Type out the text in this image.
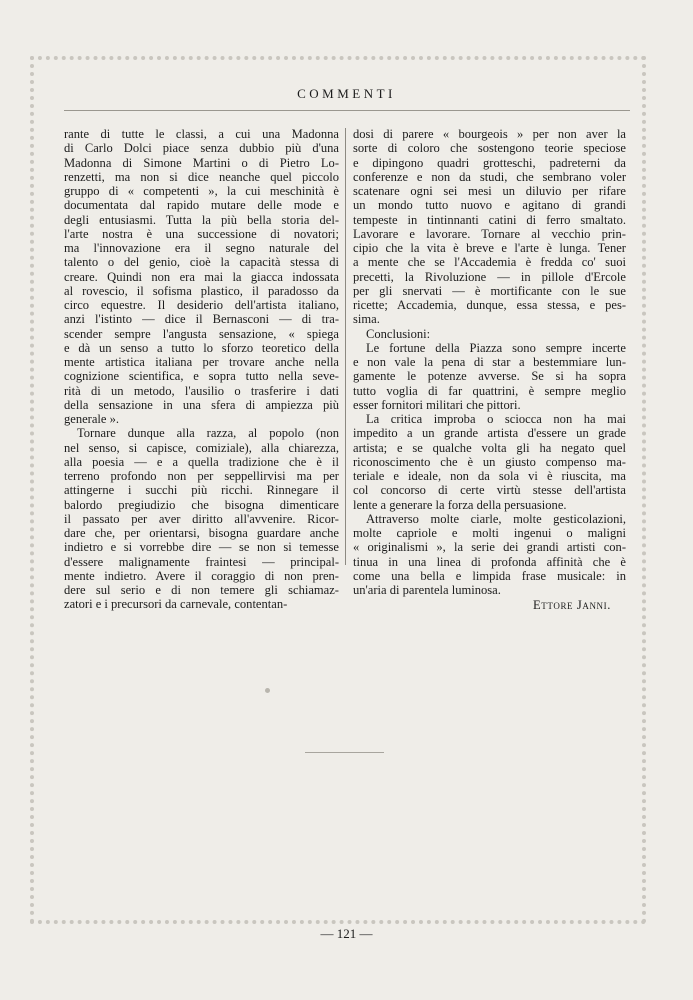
COMMENTI

rante di tutte le classi, a cui una Madonna
di Carlo Dolci piace senza dubbio più d'una
Madonna di Simone Martini o di Pietro Lo-
renzetti, ma non si dice neanche quel piccolo
gruppo di « competenti », la cui meschinità è
documentata dal rapido mutare delle mode e
degli entusiasmi. Tutta la più bella storia del-
l'arte nostra è una successione di novatori;
ma l'innovazione era il segno naturale del
talento o del genio, cioè la capacità stessa di
creare. Quindi non era mai la giacca indossata
al rovescio, il sofisma plastico, il paradosso da
circo equestre. Il desiderio dell'artista italiano,
anzi l'istinto — dice il Bernasconi — di tra-
scender sempre l'angusta sensazione, « spiega
e dà un senso a tutto lo sforzo teoretico della
mente artistica italiana per trovare anche nella
cognizione scientifica, e sopra tutto nella seve-
rità di un metodo, l'ausilio o trasferire i dati
della sensazione in una sfera di ampiezza più
generale ».

Tornare dunque alla razza, al popolo (non
nel senso, si capisce, comiziale), alla chiarezza,
alla poesia — e a quella tradizione che è il
terreno profondo non per seppellirvisi ma per
attingerne i succhi più ricchi. Rinnegare il
balordo pregiudizio che bisogna dimenticare
il passato per aver diritto all'avvenire. Ricor-
dare che, per orientarsi, bisogna guardare anche
indietro e si vorrebbe dire — se non si temesse
d'essere malignamente fraintesi — principal-
mente indietro. Avere il coraggio di non pren-
dere sul serio e di non temere gli schiamaz-
zatori e i precursori da carnevale, contentan-

dosi di parere « bourgeois » per non aver la
sorte di coloro che sostengono teorie speciose
e dipingono quadri grotteschi, padreterni da
conferenze e non da studi, che sembrano voler
scatenare ogni sei mesi un diluvio per rifare
un mondo tutto nuovo e agitano di grandi
tempeste in tintinnanti catini di ferro smaltato.
Lavorare e lavorare. Tornare al vecchio prin-
cipio che la vita è breve e l'arte è lunga. Tener
a mente che se l'Accademia è fredda co' suoi
precetti, la Rivoluzione — in pillole d'Ercole
per gli snervati — è mortificante con le sue
ricette; Accademia, dunque, essa stessa, e pes-
sima.

Conclusioni:

Le fortune della Piazza sono sempre incerte
e non vale la pena di star a bestemmiare lun-
gamente le potenze avverse. Se si ha sopra
tutto voglia di far quattrini, è sempre meglio
esser fornitori militari che pittori.

La critica improba o sciocca non ha mai
impedito a un grande artista d'essere un grade
artista; e se qualche volta gli ha negato quel
riconoscimento che è un giusto compenso ma-
teriale e ideale, non da sola vi è riuscita, ma
col concorso di certe virtù stesse dell'artista
lente a generare la forza della persuasione.

Attraverso molte ciarle, molte gesticolazioni,
molte capriole e molti ingenui o maligni
« originalismi », la serie dei grandi artisti con-
tinua in una linea di profonda affinità che è
come una bella e limpida frase musicale: in
un'aria di parentela luminosa.

Ettore Janni.
— 121 —
